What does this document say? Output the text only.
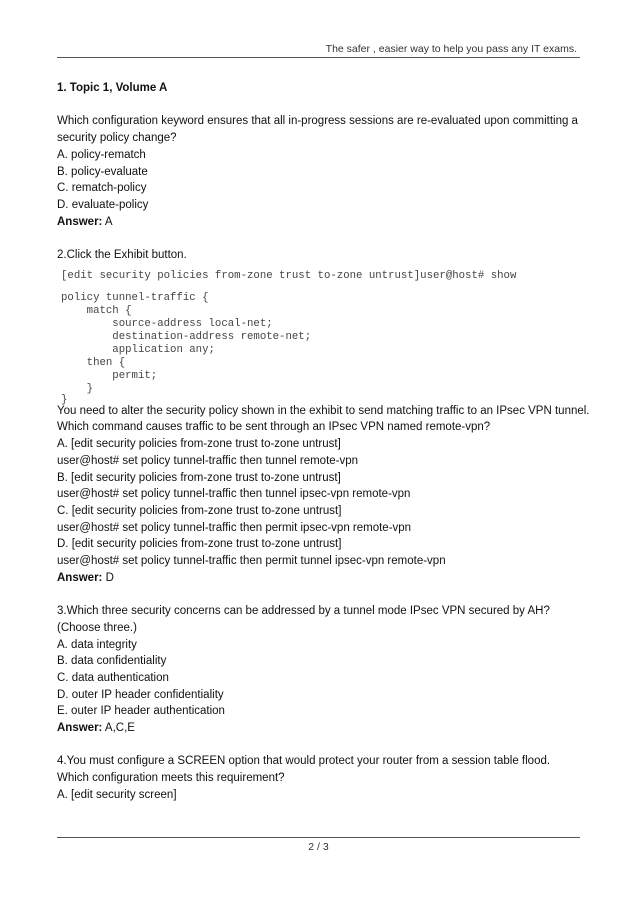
The safer , easier way to help you pass any IT exams.
1. Topic 1, Volume A
Which configuration keyword ensures that all in-progress sessions are re-evaluated upon committing a
security policy change?
A. policy-rematch
B. policy-evaluate
C. rematch-policy
D. evaluate-policy
Answer: A
2.Click the Exhibit button.
[edit security policies from-zone trust to-zone untrust]user@host# show
policy tunnel-traffic {
match {
source-address local-net;
destination-address remote-net;
application any;
then {
permit;
}
}
You need to alter the security policy shown in the exhibit to send matching traffic to an IPsec VPN tunnel.
Which command causes traffic to be sent through an IPsec VPN named remote-vpn?
A. [edit security policies from-zone trust to-zone untrust]
user@host# set policy tunnel-traffic then tunnel remote-vpn
B. [edit security policies from-zone trust to-zone untrust]
user@host# set policy tunnel-traffic then tunnel ipsec-vpn remote-vpn
C. [edit security policies from-zone trust to-zone untrust]
user@host# set policy tunnel-traffic then permit ipsec-vpn remote-vpn
D. [edit security policies from-zone trust to-zone untrust]
user@host# set policy tunnel-traffic then permit tunnel ipsec-vpn remote-vpn
Answer: D
3.Which three security concerns can be addressed by a tunnel mode IPsec VPN secured by AH?
(Choose three.)
A. data integrity
B. data confidentiality
C. data authentication
D. outer IP header confidentiality
E. outer IP header authentication
Answer: A,C,E
4.You must configure a SCREEN option that would protect your router from a session table flood.
Which configuration meets this requirement?
A. [edit security screen]
2 / 3
